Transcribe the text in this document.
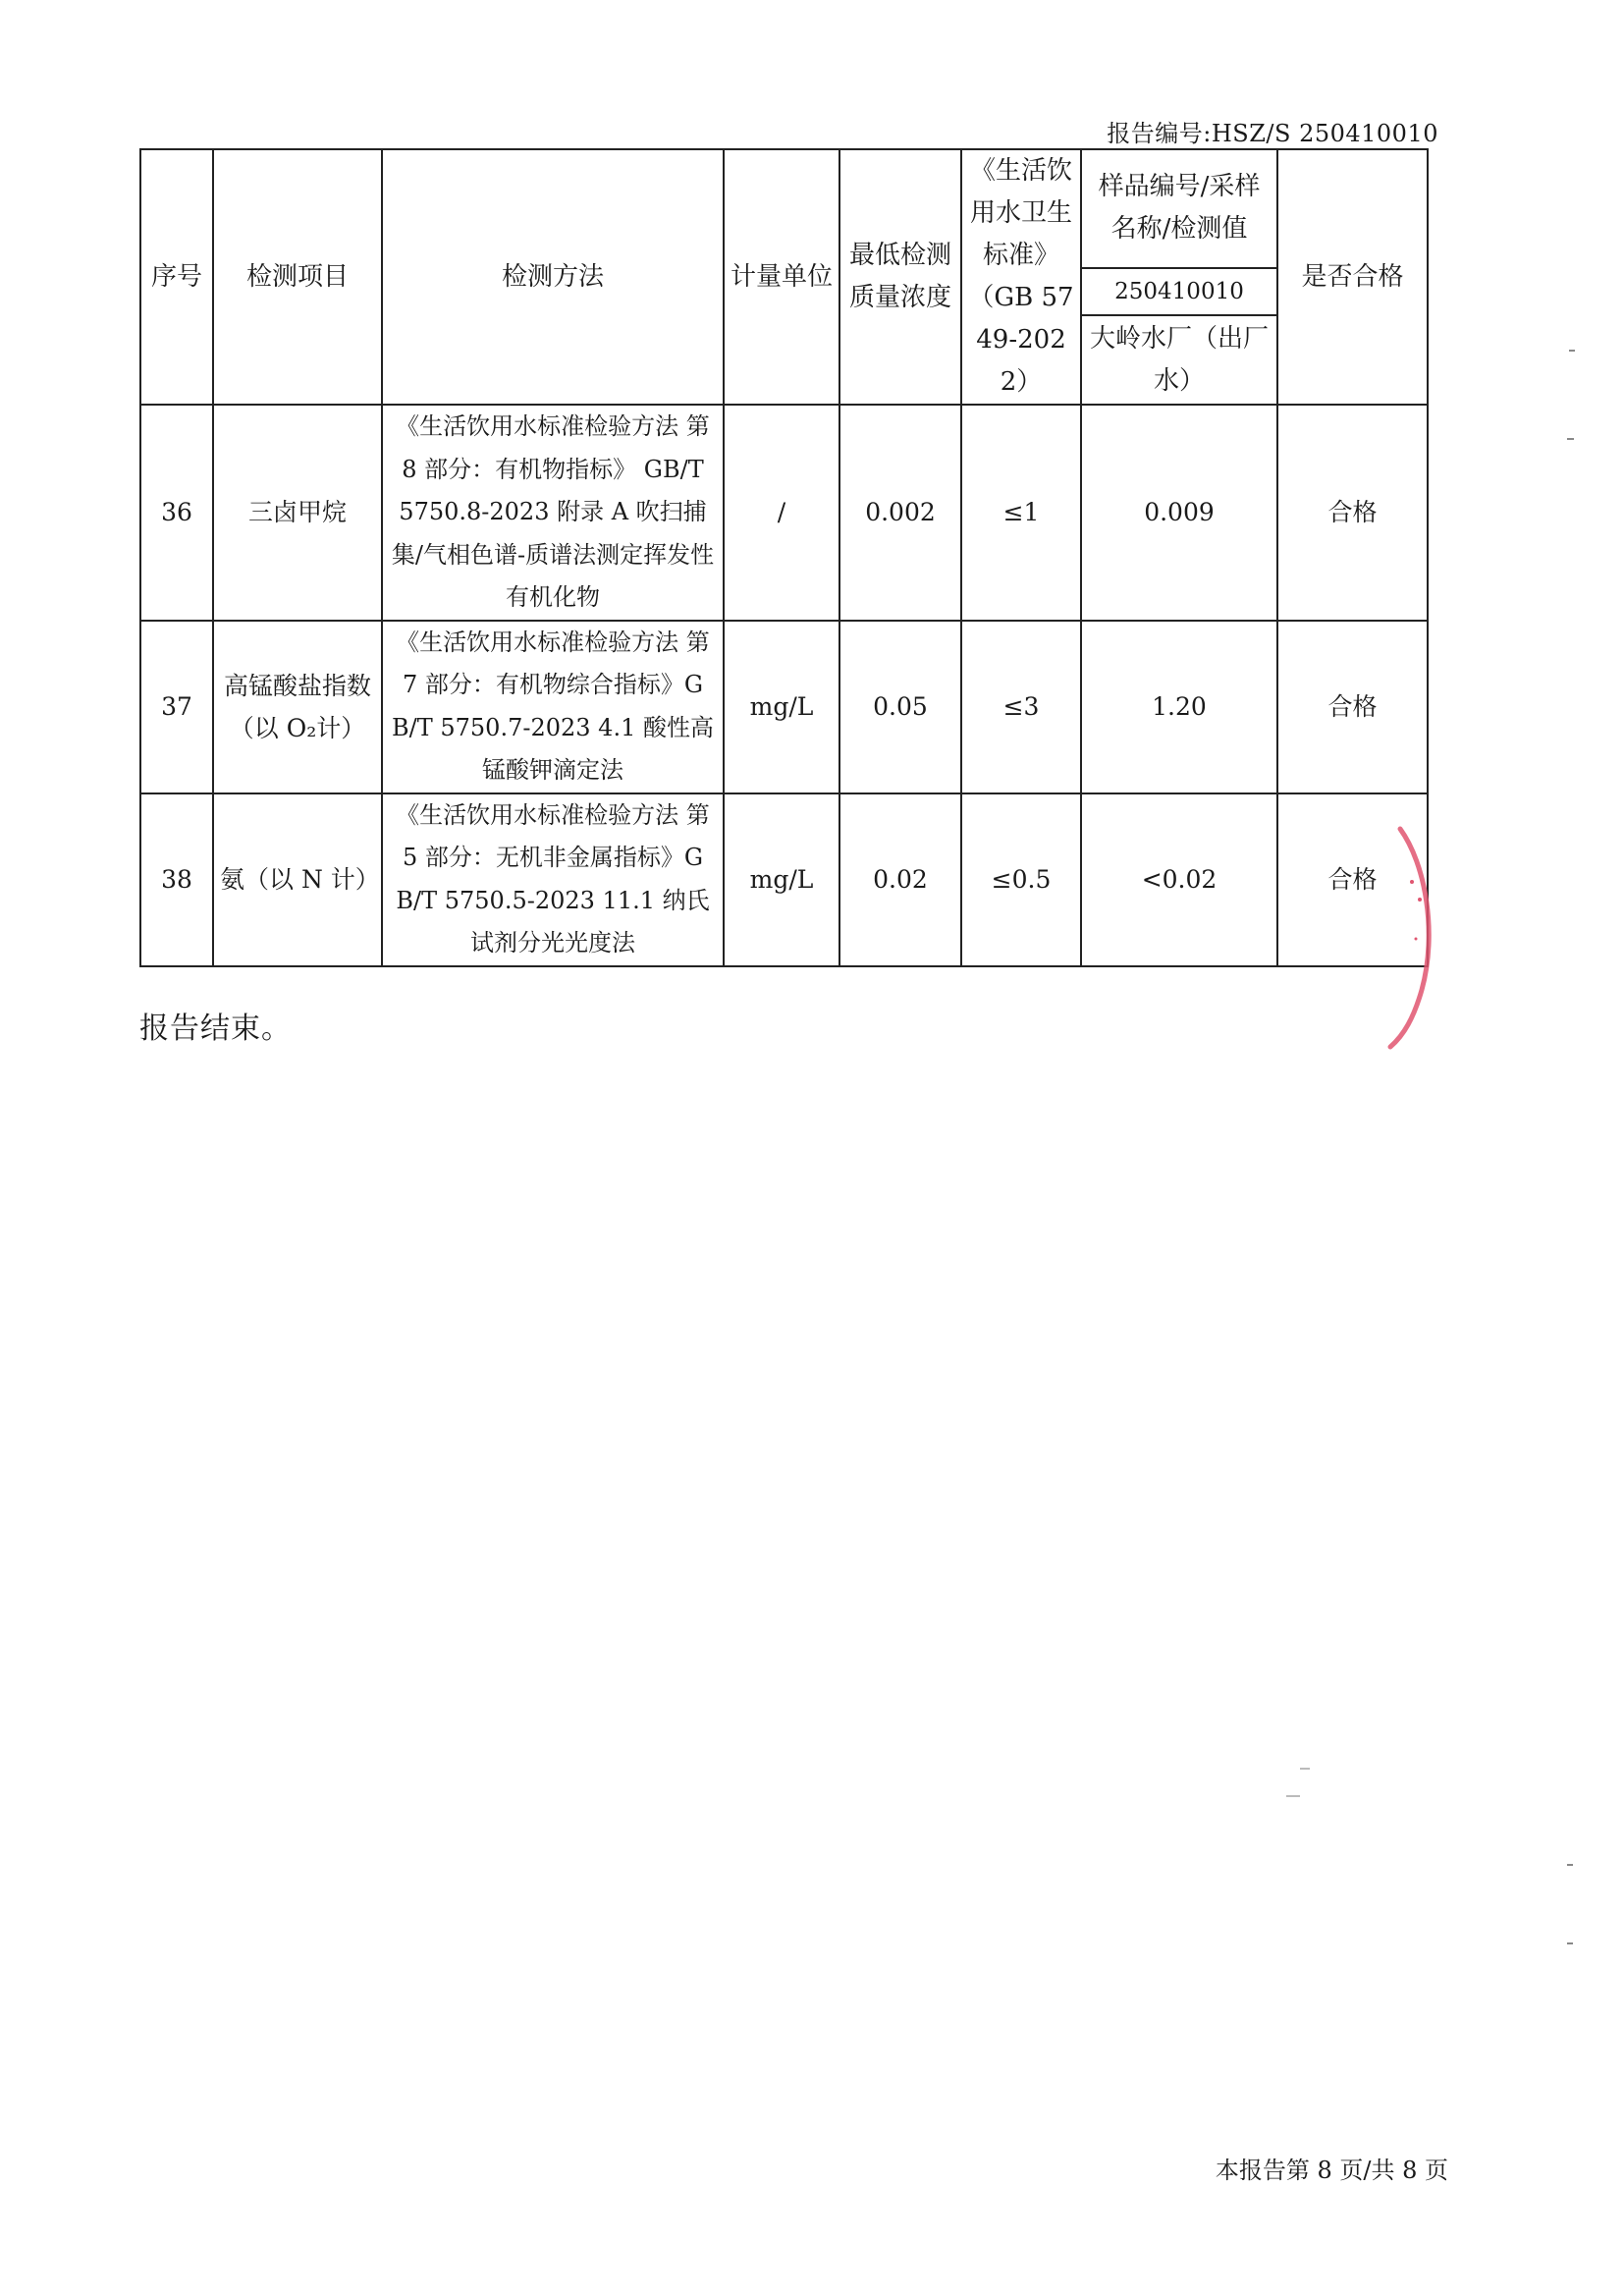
报告编号:HSZ/S 250410010
序号	检测项目	检测方法	计量单位	最低检测质量浓度	《生活饮用水卫生标准》（GB 5749-2022）	样品编号/采样名称/检测值	是否合格
						250410010	
						大岭水厂（出厂水）	
36	三卤甲烷	《生活饮用水标准检验方法 第 8 部分：有机物指标》 GB/T 5750.8-2023 附录 A 吹扫捕集/气相色谱-质谱法测定挥发性有机化物	/	0.002	≤1	0.009	合格
37	高锰酸盐指数（以 O₂计）	《生活饮用水标准检验方法 第 7 部分：有机物综合指标》GB/T 5750.7-2023 4.1 酸性高锰酸钾滴定法	mg/L	0.05	≤3	1.20	合格
38	氨（以 N 计）	《生活饮用水标准检验方法 第 5 部分：无机非金属指标》GB/T 5750.5-2023 11.1 纳氏试剂分光光度法	mg/L	0.02	≤0.5	<0.02	合格
报告结束。
本报告第 8 页/共 8 页
